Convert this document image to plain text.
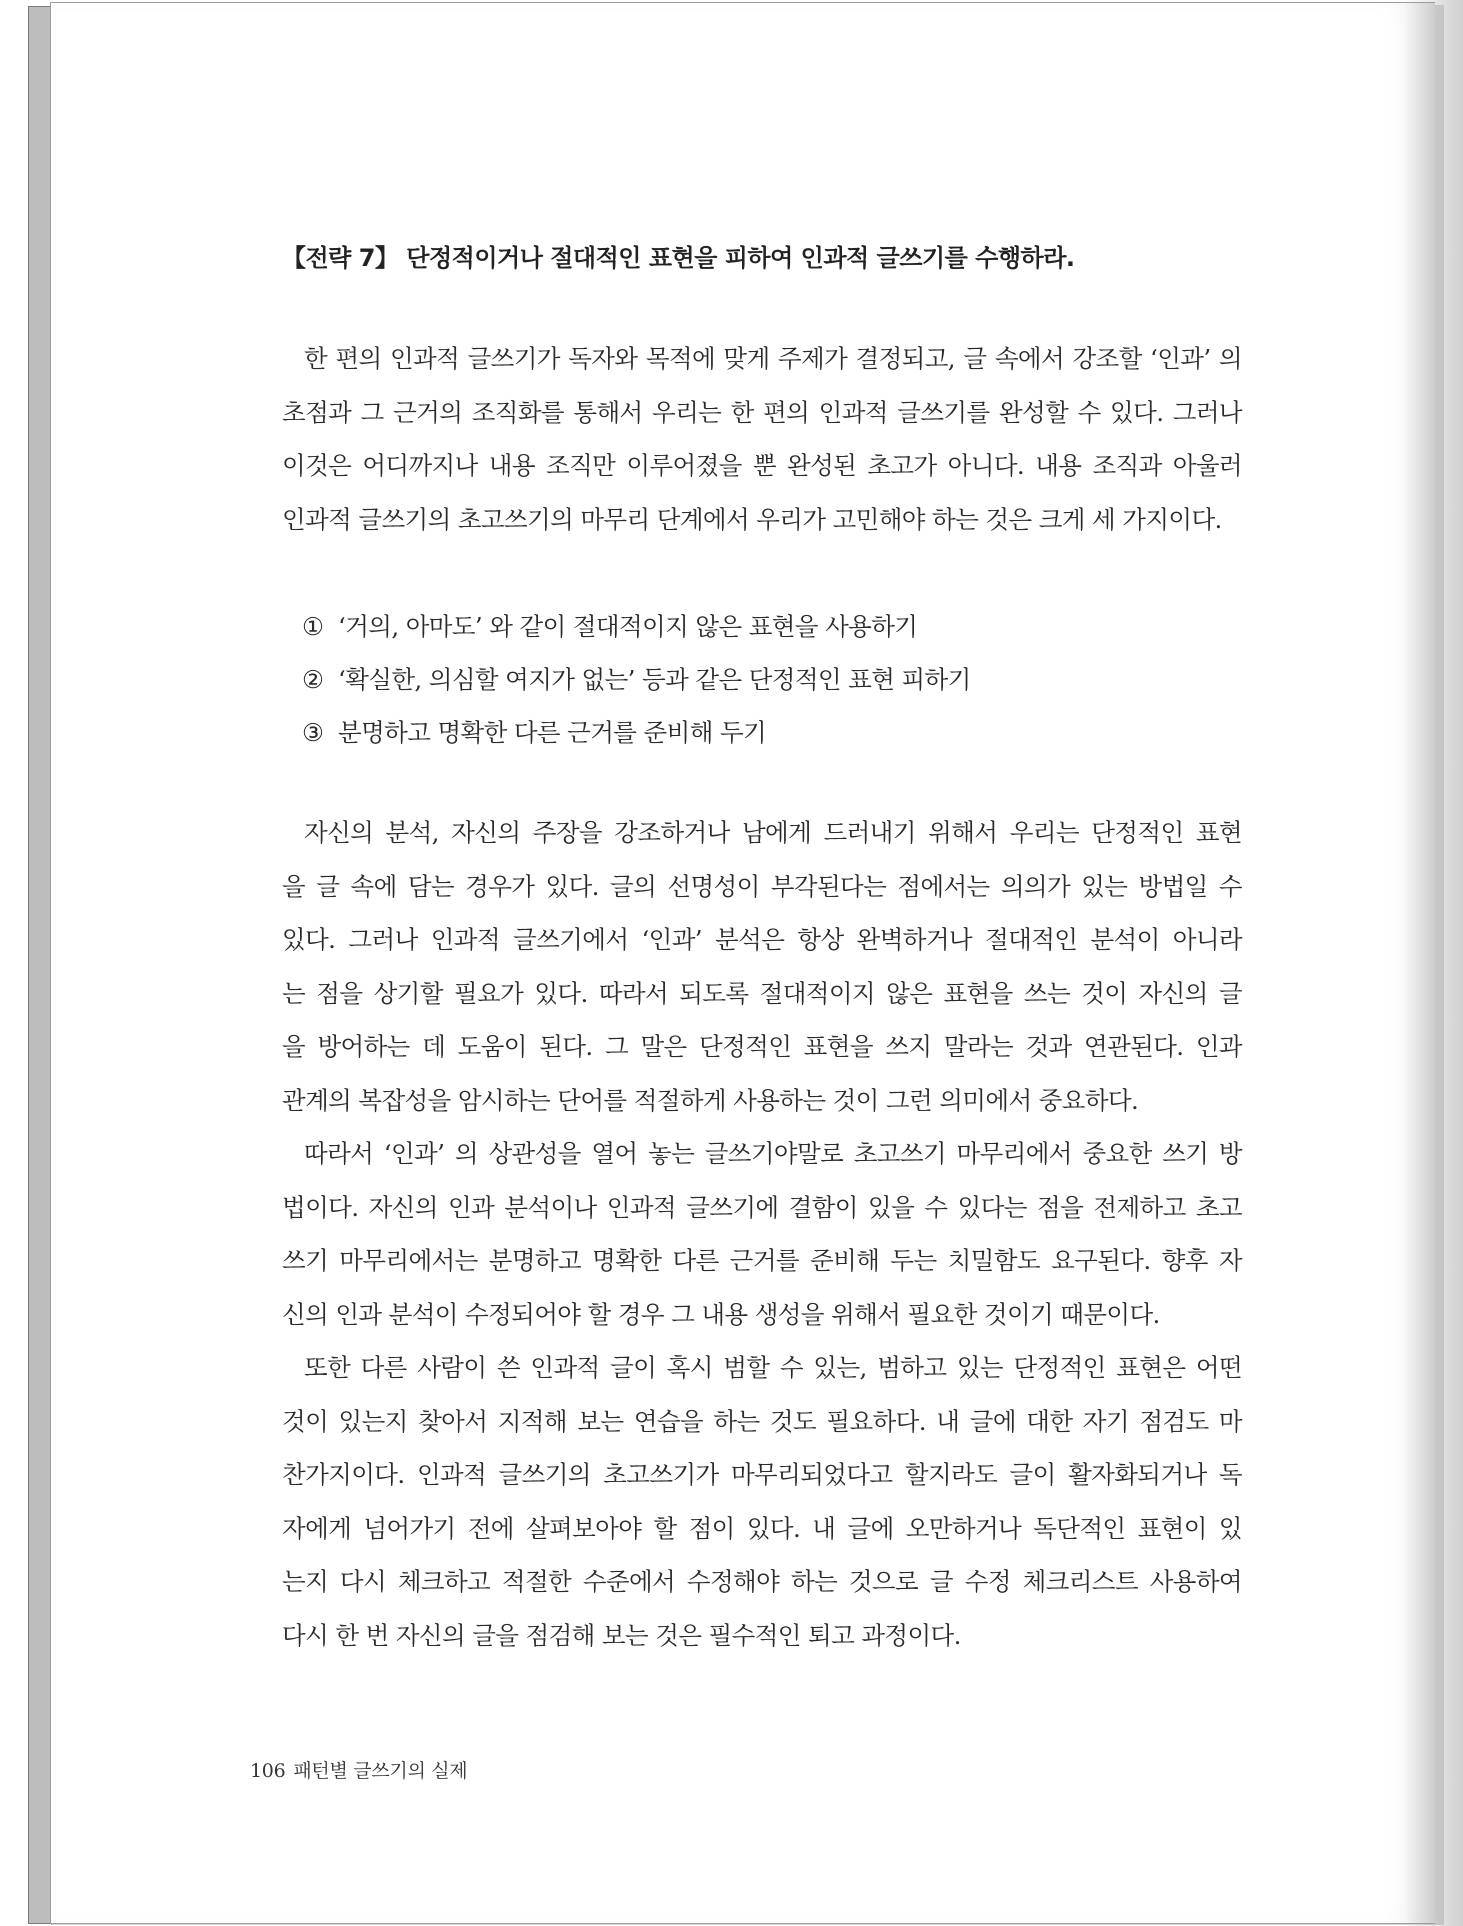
【전략 7】 단정적이거나 절대적인 표현을 피하여 인과적 글쓰기를 수행하라.
한 편의 인과적 글쓰기가 독자와 목적에 맞게 주제가 결정되고, 글 속에서 강조할 ‘인과’ 의
초점과 그 근거의 조직화를 통해서 우리는 한 편의 인과적 글쓰기를 완성할 수 있다. 그러나
이것은 어디까지나 내용 조직만 이루어졌을 뿐 완성된 초고가 아니다. 내용 조직과 아울러
인과적 글쓰기의 초고쓰기의 마무리 단계에서 우리가 고민해야 하는 것은 크게 세 가지이다.
① ‘거의, 아마도’ 와 같이 절대적이지 않은 표현을 사용하기
② ‘확실한, 의심할 여지가 없는’ 등과 같은 단정적인 표현 피하기
③ 분명하고 명확한 다른 근거를 준비해 두기
자신의 분석, 자신의 주장을 강조하거나 남에게 드러내기 위해서 우리는 단정적인 표현
을 글 속에 담는 경우가 있다. 글의 선명성이 부각된다는 점에서는 의의가 있는 방법일 수
있다. 그러나 인과적 글쓰기에서 ‘인과’ 분석은 항상 완벽하거나 절대적인 분석이 아니라
는 점을 상기할 필요가 있다. 따라서 되도록 절대적이지 않은 표현을 쓰는 것이 자신의 글
을 방어하는 데 도움이 된다. 그 말은 단정적인 표현을 쓰지 말라는 것과 연관된다. 인과
관계의 복잡성을 암시하는 단어를 적절하게 사용하는 것이 그런 의미에서 중요하다.
따라서 ‘인과’ 의 상관성을 열어 놓는 글쓰기야말로 초고쓰기 마무리에서 중요한 쓰기 방
법이다. 자신의 인과 분석이나 인과적 글쓰기에 결함이 있을 수 있다는 점을 전제하고 초고
쓰기 마무리에서는 분명하고 명확한 다른 근거를 준비해 두는 치밀함도 요구된다. 향후 자
신의 인과 분석이 수정되어야 할 경우 그 내용 생성을 위해서 필요한 것이기 때문이다.
또한 다른 사람이 쓴 인과적 글이 혹시 범할 수 있는, 범하고 있는 단정적인 표현은 어떤
것이 있는지 찾아서 지적해 보는 연습을 하는 것도 필요하다. 내 글에 대한 자기 점검도 마
찬가지이다. 인과적 글쓰기의 초고쓰기가 마무리되었다고 할지라도 글이 활자화되거나 독
자에게 넘어가기 전에 살펴보아야 할 점이 있다. 내 글에 오만하거나 독단적인 표현이 있
는지 다시 체크하고 적절한 수준에서 수정해야 하는 것으로 글 수정 체크리스트 사용하여
다시 한 번 자신의 글을 점검해 보는 것은 필수적인 퇴고 과정이다.
106 패턴별 글쓰기의 실제
